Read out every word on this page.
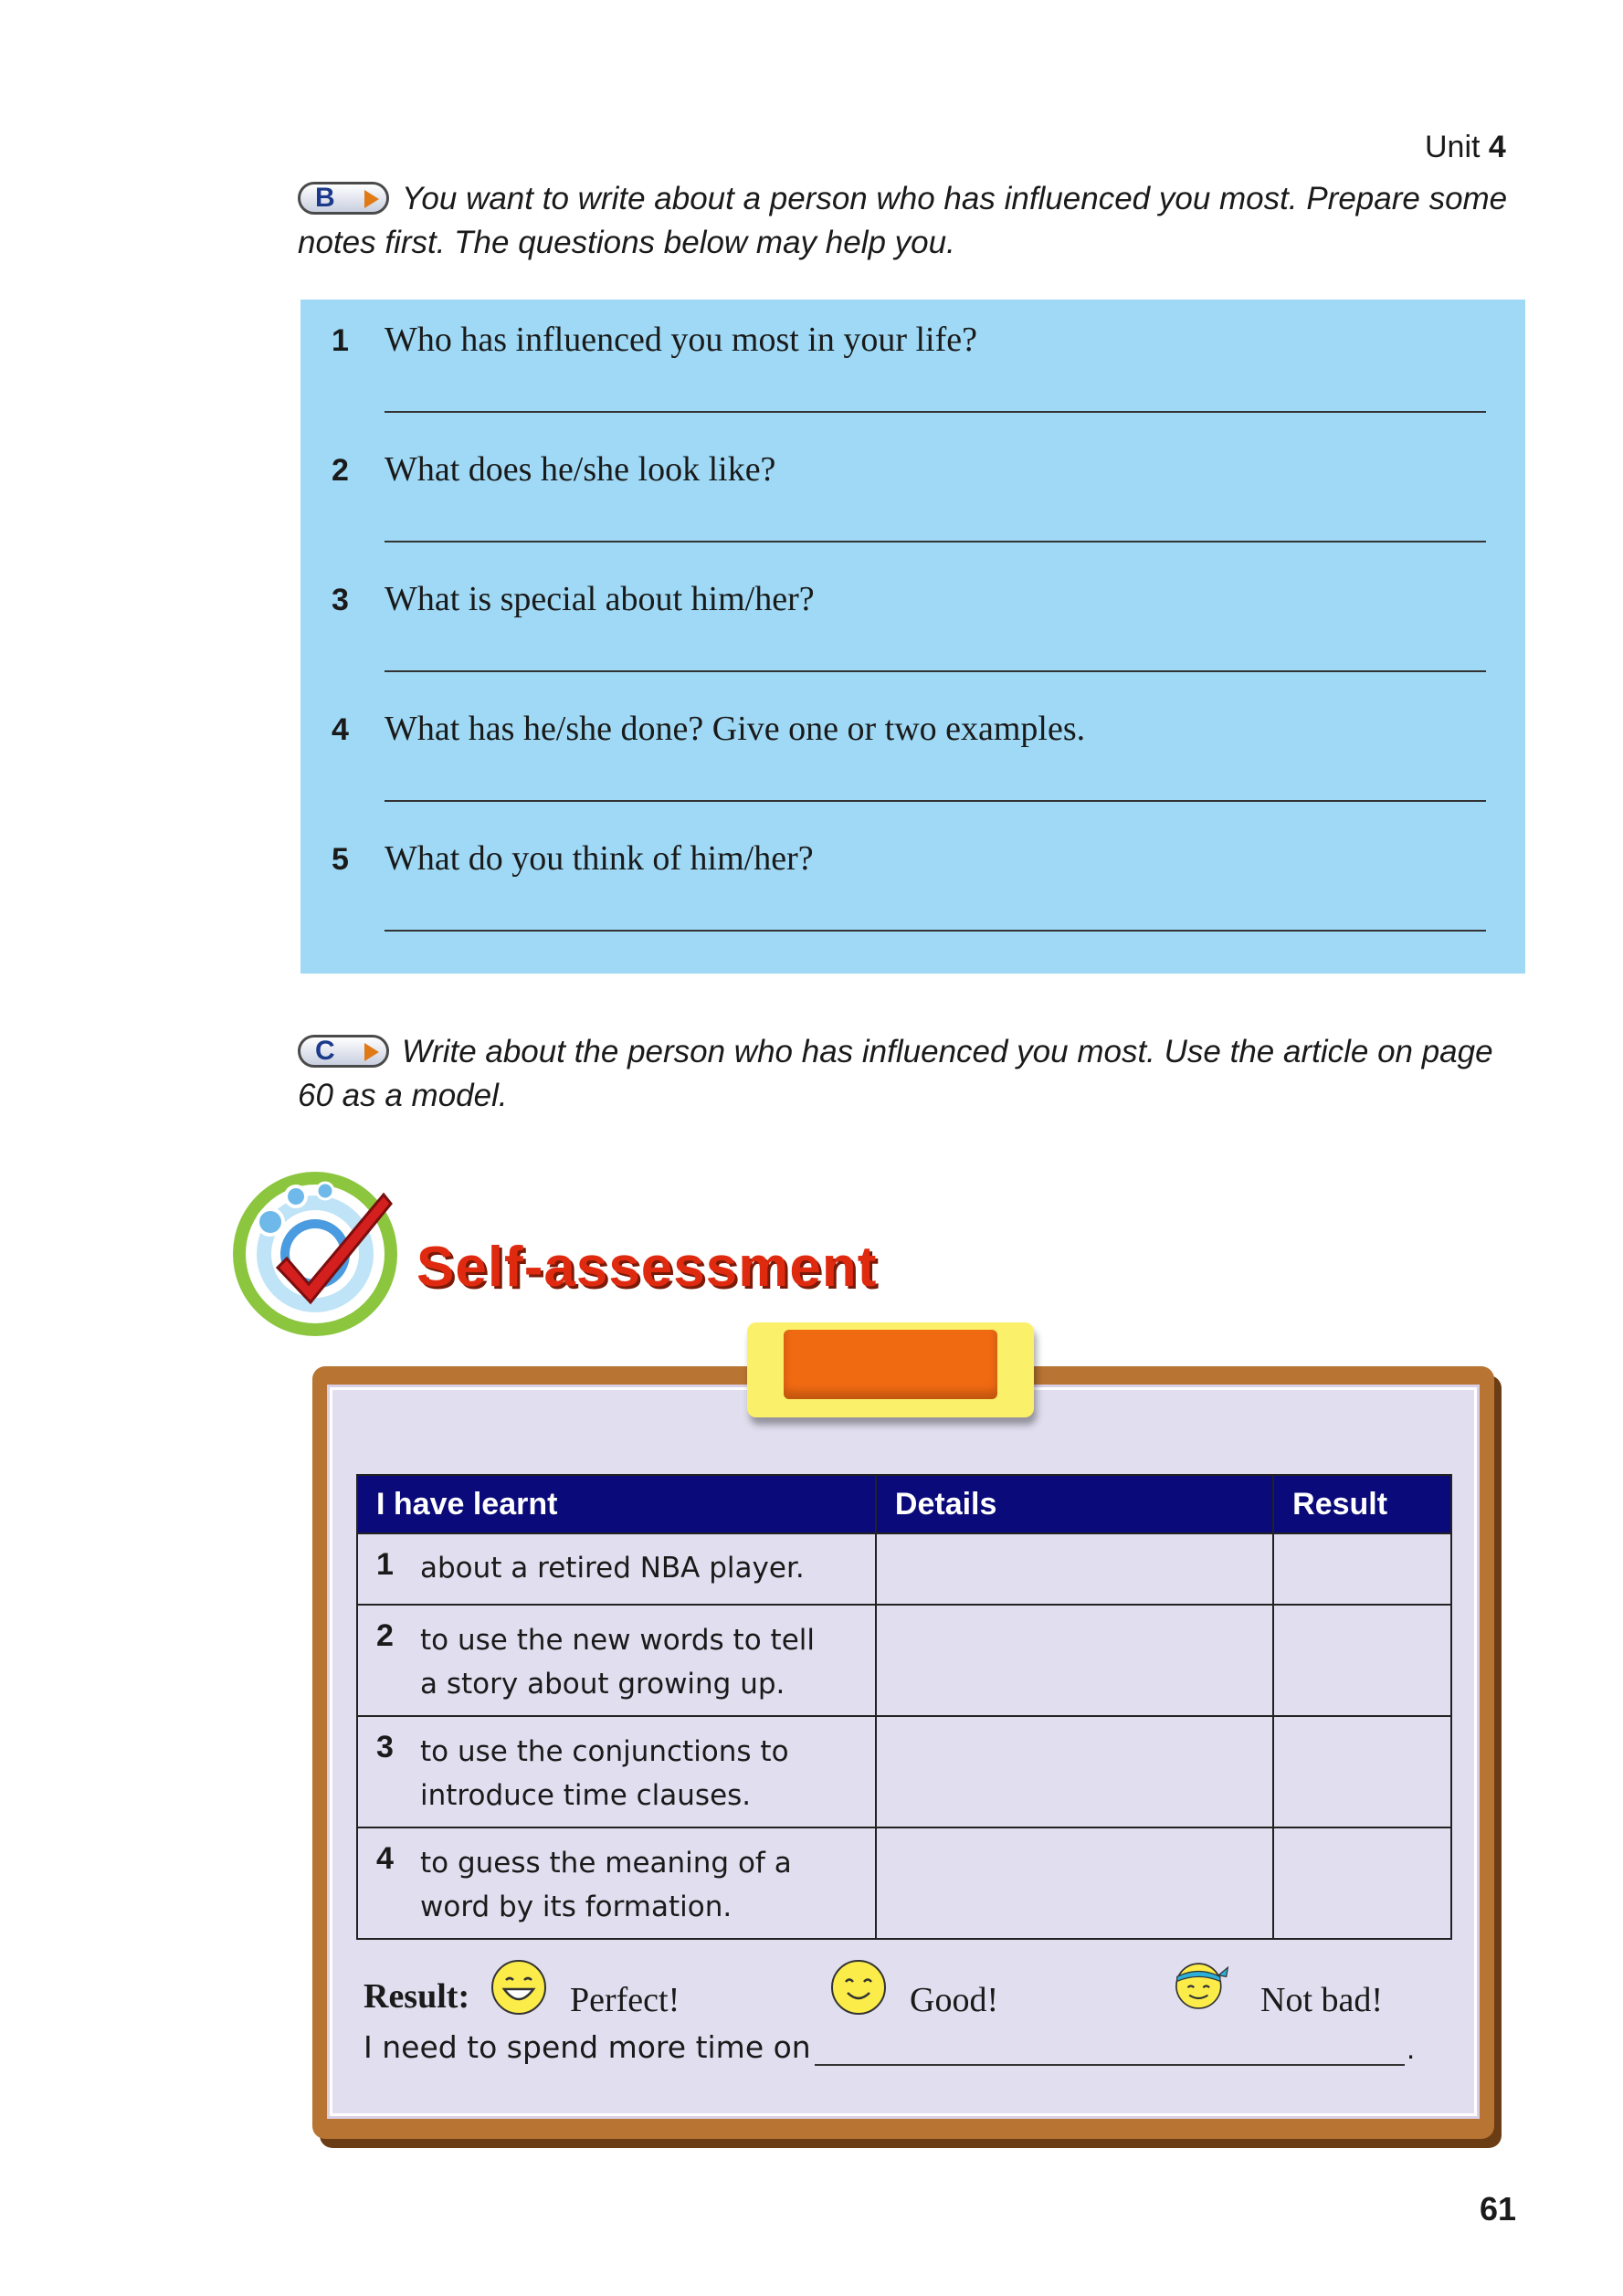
Unit 4
B You want to write about a person who has influenced you most. Prepare some notes first. The questions below may help you.
1 Who has influenced you most in your life?
2 What does he/she look like?
3 What is special about him/her?
4 What has he/she done? Give one or two examples.
5 What do you think of him/her?
C Write about the person who has influenced you most. Use the article on page 60 as a model.
Self-assessment
I have learnt	Details	Result
1 about a retired NBA player.		
2 to use the new words to tell a story about growing up.		
3 to use the conjunctions to introduce time clauses.		
4 to guess the meaning of a word by its formation.		
Result:	Perfect!	Good!	Not bad!
I need to spend more time on	.
61
